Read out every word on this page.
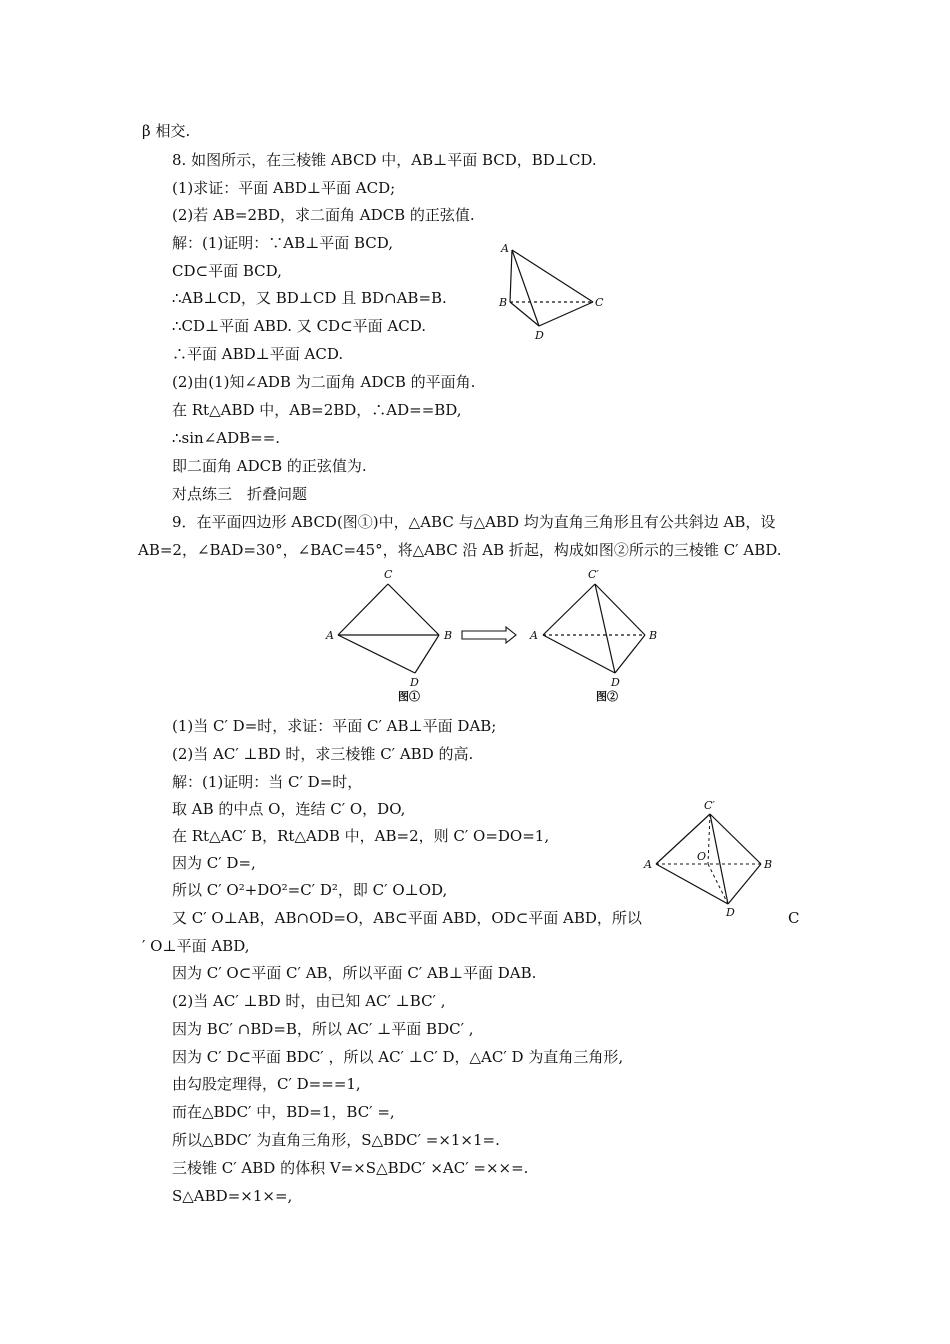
β 相交.
8. 如图所示，在三棱锥 ABCD 中，AB⊥平面 BCD，BD⊥CD.
(1)求证：平面 ABD⊥平面 ACD;
(2)若 AB=2BD，求二面角 ADCB 的正弦值.
解：(1)证明：∵AB⊥平面 BCD,
CD⊂平面 BCD,
∴AB⊥CD，又 BD⊥CD 且 BD∩AB=B.
∴CD⊥平面 ABD. 又 CD⊂平面 ACD.
∴平面 ABD⊥平面 ACD.
(2)由(1)知∠ADB 为二面角 ADCB 的平面角.
在 Rt△ABD 中，AB=2BD，∴AD==BD,
∴sin∠ADB==.
即二面角 ADCB 的正弦值为.
对点练三　折叠问题
9．在平面四边形 ABCD(图①)中，△ABC 与△ABD 均为直角三角形且有公共斜边 AB，设
AB=2，∠BAD=30°，∠BAC=45°，将△ABC 沿 AB 折起，构成如图②所示的三棱锥 C′ ABD.
(1)当 C′ D=时，求证：平面 C′ AB⊥平面 DAB;
(2)当 AC′ ⊥BD 时，求三棱锥 C′ ABD 的高.
解：(1)证明：当 C′ D=时，
取 AB 的中点 O，连结 C′ O，DO,
在 Rt△AC′ B，Rt△ADB 中，AB=2，则 C′ O=DO=1,
因为 C′ D=,
所以 C′ O²+DO²=C′ D²，即 C′ O⊥OD,
又 C′ O⊥AB，AB∩OD=O，AB⊂平面 ABD，OD⊂平面 ABD，所以	C
′ O⊥平面 ABD,
因为 C′ O⊂平面 C′ AB，所以平面 C′ AB⊥平面 DAB.
(2)当 AC′ ⊥BD 时，由已知 AC′ ⊥BC′ ,
因为 BC′ ∩BD=B，所以 AC′ ⊥平面 BDC′ ,
因为 C′ D⊂平面 BDC′ ，所以 AC′ ⊥C′ D，△AC′ D 为直角三角形,
由勾股定理得，C′ D===1,
而在△BDC′ 中，BD=1，BC′ =,
所以△BDC′ 为直角三角形，S△BDC′ =×1×1=.
三棱锥 C′ ABD 的体积 V=×S△BDC′ ×AC′ =××=.
S△ABD=×1×=,
A
B	C
D
A	B
C
D
图①
C′
A	B
D
图②
C′
O
A	B
D
